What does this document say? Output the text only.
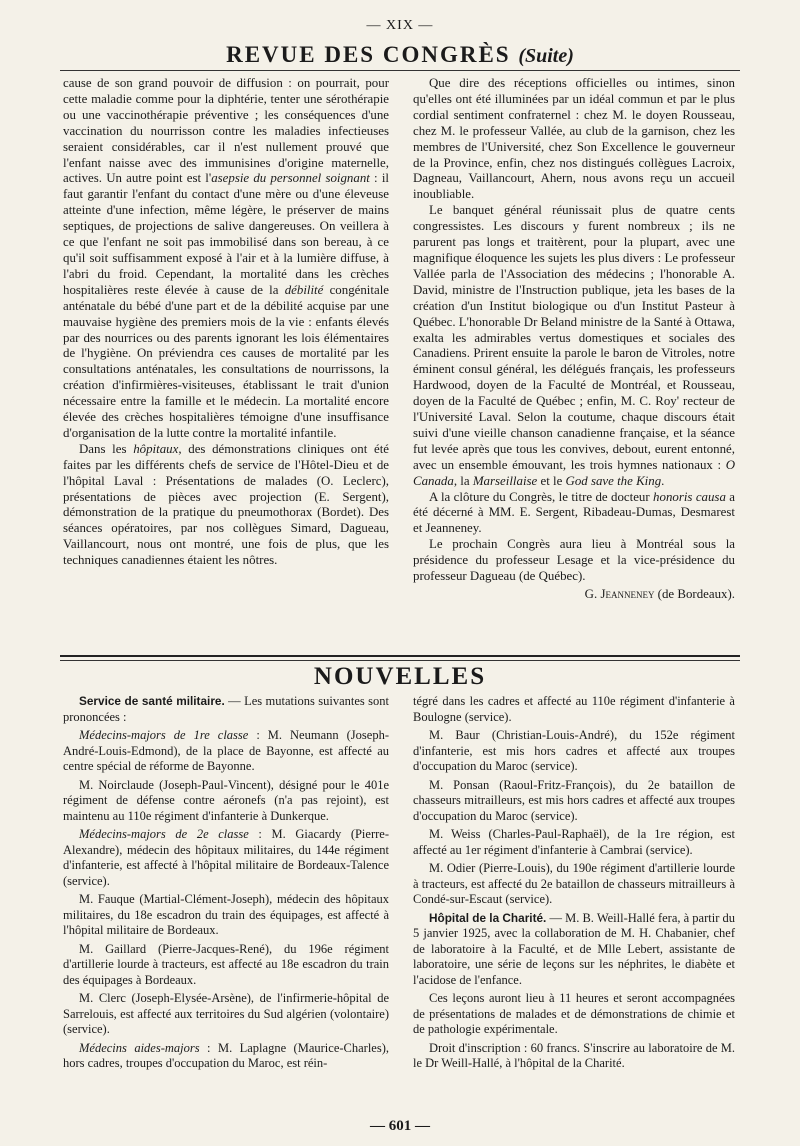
— XIX —
REVUE DES CONGRÈS (Suite)

cause de son grand pouvoir de diffusion : on pourrait, pour cette maladie comme pour la diphtérie, tenter une sérothérapie ou une vaccinothérapie préventive ; les conséquences d'une vaccination du nourrisson contre les maladies infectieuses seraient considérables, car il n'est nullement prouvé que l'enfant naisse avec des immunisines d'origine maternelle, actives. Un autre point est l'asepsie du personnel soignant : il faut garantir l'enfant du contact d'une mère ou d'une éleveuse atteinte d'une infection, même légère, le préserver de mains septiques, de projections de salive dangereuses. On veillera à ce que l'enfant ne soit pas immobilisé dans son bereau, à ce qu'il soit suffisamment exposé à l'air et à la lumière diffuse, à l'abri du froid. Cependant, la mortalité dans les crèches hospitalières reste élevée à cause de la débilité congénitale anténatale du bébé d'une part et de la débilité acquise par une mauvaise hygiène des premiers mois de la vie : enfants élevés par des nourrices ou des parents ignorant les lois élémentaires de l'hygiène. On préviendra ces causes de mortalité par les consultations anténatales, les consultations de nourrissons, la création d'infirmières-visiteuses, établissant le trait d'union nécessaire entre la famille et le médecin. La mortalité encore élevée des crèches hospitalières témoigne d'une insuffisance d'organisation de la lutte contre la mortalité infantile.

Dans les hôpitaux, des démonstrations cliniques ont été faites par les différents chefs de service de l'Hôtel-Dieu et de l'hôpital Laval : Présentations de malades (O. Leclerc), présentations de pièces avec projection (E. Sergent), démonstration de la pratique du pneumothorax (Bordet). Des séances opératoires, par nos collègues Simard, Dagueau, Vaillancourt, nous ont montré, une fois de plus, que les techniques canadiennes étaient les nôtres.

Que dire des réceptions officielles ou intimes, sinon qu'elles ont été illuminées par un idéal commun et par le plus cordial sentiment confraternel : chez M. le doyen Rousseau, chez M. le professeur Vallée, au club de la garnison, chez les membres de l'Université, chez Son Excellence le gouverneur de la Province, enfin, chez nos distingués collègues Lacroix, Dagneau, Vaillancourt, Ahern, nous avons reçu un accueil inoubliable.

Le banquet général réunissait plus de quatre cents congressistes. Les discours y furent nombreux ; ils ne parurent pas longs et traitèrent, pour la plupart, avec une magnifique éloquence les sujets les plus divers : Le professeur Vallée parla de l'Association des médecins ; l'honorable A. David, ministre de l'Instruction publique, jeta les bases de la création d'un Institut biologique ou d'un Institut Pasteur à Québec. L'honorable Dr Beland ministre de la Santé à Ottawa, exalta les admirables vertus domestiques et sociales des Canadiens. Prirent ensuite la parole le baron de Vitroles, notre éminent consul général, les délégués français, les professeurs Hardwood, doyen de la Faculté de Montréal, et Rousseau, doyen de la Faculté de Québec ; enfin, M. C. Roy' recteur de l'Université Laval. Selon la coutume, chaque discours était suivi d'une vieille chanson canadienne française, et la séance fut levée après que tous les convives, debout, eurent entonné, avec un ensemble émouvant, les trois hymnes nationaux : O Canada, la Marseillaise et le God save the King.

A la clôture du Congrès, le titre de docteur honoris causa a été décerné à MM. E. Sergent, Ribadeau-Dumas, Desmarest et Jeanneney.

Le prochain Congrès aura lieu à Montréal sous la présidence du professeur Lesage et la vice-présidence du professeur Dagueau (de Québec).

G. Jeanneney (de Bordeaux).

NOUVELLES

Service de santé militaire. — Les mutations suivantes sont prononcées :

Médecins-majors de 1re classe : M. Neumann (Joseph-André-Louis-Edmond), de la place de Bayonne, est affecté au centre spécial de réforme de Bayonne.

M. Noirclaude (Joseph-Paul-Vincent), désigné pour le 401e régiment de défense contre aéronefs (n'a pas rejoint), est maintenu au 110e régiment d'infanterie à Dunkerque.

Médecins-majors de 2e classe : M. Giacardy (Pierre-Alexandre), médecin des hôpitaux militaires, du 144e régiment d'infanterie, est affecté à l'hôpital militaire de Bordeaux-Talence (service).

M. Fauque (Martial-Clément-Joseph), médecin des hôpitaux militaires, du 18e escadron du train des équipages, est affecté à l'hôpital militaire de Bordeaux.

M. Gaillard (Pierre-Jacques-René), du 196e régiment d'artillerie lourde à tracteurs, est affecté au 18e escadron du train des équipages à Bordeaux.

M. Clerc (Joseph-Elysée-Arsène), de l'infirmerie-hôpital de Sarrelouis, est affecté aux territoires du Sud algérien (volontaire) (service).

Médecins aides-majors : M. Laplagne (Maurice-Charles), hors cadres, troupes d'occupation du Maroc, est réin-

tégré dans les cadres et affecté au 110e régiment d'infanterie à Boulogne (service).

M. Baur (Christian-Louis-André), du 152e régiment d'infanterie, est mis hors cadres et affecté aux troupes d'occupation du Maroc (service).

M. Ponsan (Raoul-Fritz-François), du 2e bataillon de chasseurs mitrailleurs, est mis hors cadres et affecté aux troupes d'occupation du Maroc (service).

M. Weiss (Charles-Paul-Raphaël), de la 1re région, est affecté au 1er régiment d'infanterie à Cambrai (service).

M. Odier (Pierre-Louis), du 190e régiment d'artillerie lourde à tracteurs, est affecté du 2e bataillon de chasseurs mitrailleurs à Condé-sur-Escaut (service).

Hôpital de la Charité. — M. B. Weill-Hallé fera, à partir du 5 janvier 1925, avec la collaboration de M. H. Chabanier, chef de laboratoire à la Faculté, et de Mlle Lebert, assistante de laboratoire, une série de leçons sur les néphrites, le diabète et l'acidose de l'enfance.

Ces leçons auront lieu à 11 heures et seront accompagnées de présentations de malades et de démonstrations de chimie et de pathologie expérimentale.

Droit d'inscription : 60 francs. S'inscrire au laboratoire de M. le Dr Weill-Hallé, à l'hôpital de la Charité.

— 601 —
